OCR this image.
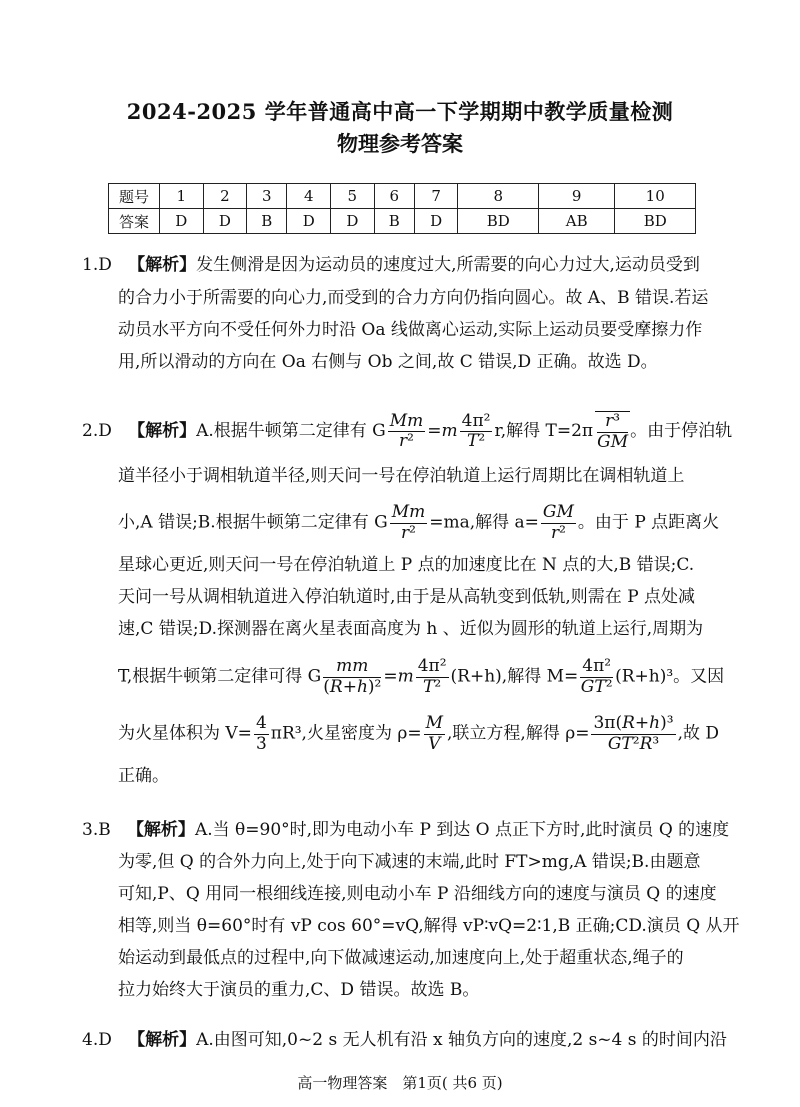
2024-2025 学年普通高中高一下学期期中教学质量检测
物理参考答案
题号	1	2	3	4	5	6	7	8	9	10
答案	D	D	B	D	D	B	D	BD	AB	BD
1.D 【解析】发生侧滑是因为运动员的速度过大,所需要的向心力过大,运动员受到
的合力小于所需要的向心力,而受到的合力方向仍指向圆心。故 A、B 错误.若运
动员水平方向不受任何外力时沿 Oa 线做离心运动,实际上运动员要受摩擦力作
用,所以滑动的方向在 Oa 右侧与 Ob 之间,故 C 错误,D 正确。故选 D。
2.D 【解析】A.根据牛顿第二定律有 G $\frac{Mm}{\text{r²}} =m \frac{\text{4π²}}{\text{T²}} r$,解得 $T=2\pi \frac{\text{r³}}{GM}$ 。由于停泊轨
道半径小于调相轨道半径,则天问一号在停泊轨道上运行周期比在调相轨道上
小,A 错误;B.根据牛顿第二定律有 G $\frac{Mm}{\text{r²}} =ma$,解得 $a= \frac{GM}{\text{r²}}$ 。由于 P 点距离火
星球心更近,则天问一号在停泊轨道上 P 点的加速度比在 N 点的大,B 错误;C.
天问一号从调相轨道进入停泊轨道时,由于是从高轨变到低轨,则需在 P 点处减
速,C 错误;D.探测器在离火星表面高度为 h 、近似为圆形的轨道上运行,周期为
T,根据牛顿第二定律可得 G $\frac{mm}{\text{(R+h)²}} =m \frac{\text{4π²}}{\text{T²}} (R+h)$,解得 $M= \frac{\text{4π²}}{\text{GT²}} (R+h)^3$。又因
为火星体积为 $V= \frac{4}{3} \pi R^3$,火星密度为 $\rho= \frac{M}{V}$ ,联立方程,解得 $\rho= \frac{\text{3π(R+h)³}}{\text{GT²R³}}$ ,故 D
正确。
3.B 【解析】A.当 θ=90°时,即为电动小车 P 到达 O 点正下方时,此时演员 Q 的速度
为零,但 Q 的合外力向上,处于向下减速的末端,此时 FT>mg,A 错误;B.由题意
可知,P、Q 用同一根细线连接,则电动小车 P 沿细线方向的速度与演员 Q 的速度
相等,则当 θ=60°时有 vP cos 60°=vQ,解得 vP∶vQ=2∶1,B 正确;CD.演员 Q 从开
始运动到最低点的过程中,向下做减速运动,加速度向上,处于超重状态,绳子的
拉力始终大于演员的重力,C、D 错误。故选 B。
4.D 【解析】A.由图可知,0~2 s 无人机有沿 x 轴负方向的速度,2 s~4 s 的时间内沿
高一物理答案　第1页( 共6 页)
